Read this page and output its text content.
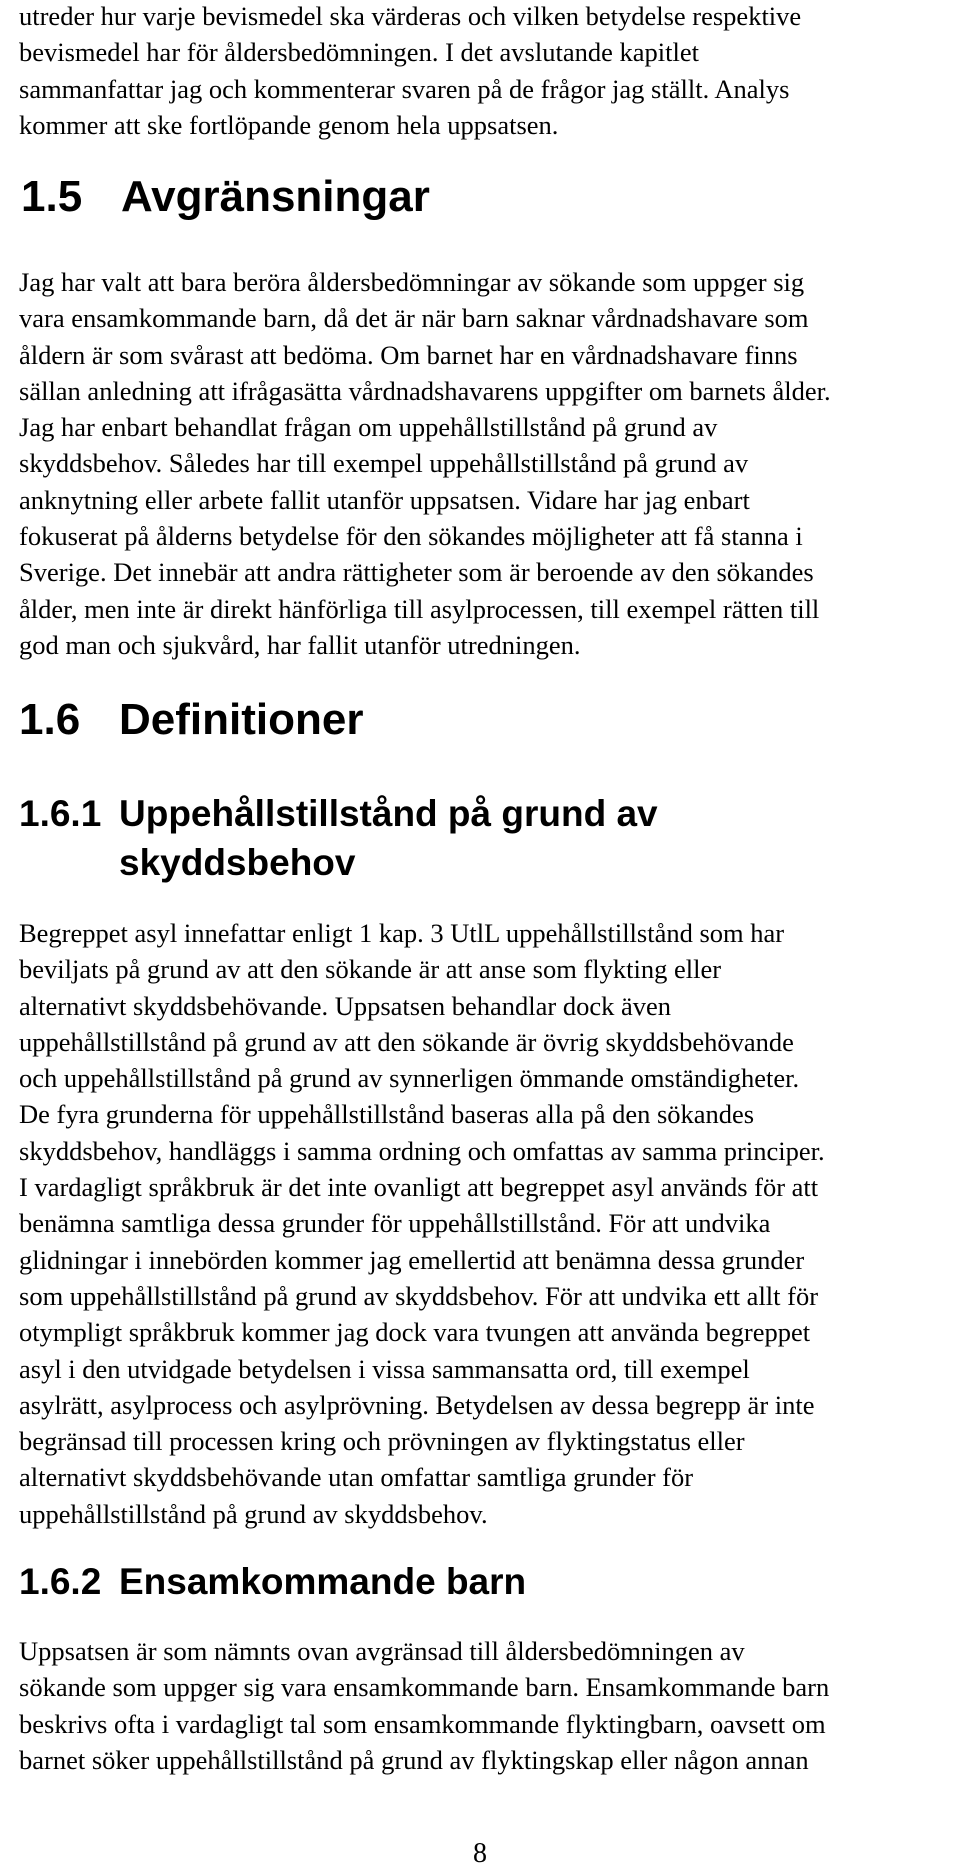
utreder hur varje bevismedel ska värderas och vilken betydelse respektive
bevismedel har för åldersbedömningen. I det avslutande kapitlet
sammanfattar jag och kommenterar svaren på de frågor jag ställt. Analys
kommer att ske fortlöpande genom hela uppsatsen.
1.5 Avgränsningar
Jag har valt att bara beröra åldersbedömningar av sökande som uppger sig
vara ensamkommande barn, då det är när barn saknar vårdnadshavare som
åldern är som svårast att bedöma. Om barnet har en vårdnadshavare finns
sällan anledning att ifrågasätta vårdnadshavarens uppgifter om barnets ålder.
Jag har enbart behandlat frågan om uppehållstillstånd på grund av
skyddsbehov. Således har till exempel uppehållstillstånd på grund av
anknytning eller arbete fallit utanför uppsatsen. Vidare har jag enbart
fokuserat på ålderns betydelse för den sökandes möjligheter att få stanna i
Sverige. Det innebär att andra rättigheter som är beroende av den sökandes
ålder, men inte är direkt hänförliga till asylprocessen, till exempel rätten till
god man och sjukvård, har fallit utanför utredningen.
1.6 Definitioner
1.6.1 Uppehållstillstånd på grund av
skyddsbehov
Begreppet asyl innefattar enligt 1 kap. 3 UtlL uppehållstillstånd som har
beviljats på grund av att den sökande är att anse som flykting eller
alternativt skyddsbehövande. Uppsatsen behandlar dock även
uppehållstillstånd på grund av att den sökande är övrig skyddsbehövande
och uppehållstillstånd på grund av synnerligen ömmande omständigheter.
De fyra grunderna för uppehållstillstånd baseras alla på den sökandes
skyddsbehov, handläggs i samma ordning och omfattas av samma principer.
I vardagligt språkbruk är det inte ovanligt att begreppet asyl används för att
benämna samtliga dessa grunder för uppehållstillstånd. För att undvika
glidningar i innebörden kommer jag emellertid att benämna dessa grunder
som uppehållstillstånd på grund av skyddsbehov. För att undvika ett allt för
otympligt språkbruk kommer jag dock vara tvungen att använda begreppet
asyl i den utvidgade betydelsen i vissa sammansatta ord, till exempel
asylrätt, asylprocess och asylprövning. Betydelsen av dessa begrepp är inte
begränsad till processen kring och prövningen av flyktingstatus eller
alternativt skyddsbehövande utan omfattar samtliga grunder för
uppehållstillstånd på grund av skyddsbehov.
1.6.2 Ensamkommande barn
Uppsatsen är som nämnts ovan avgränsad till åldersbedömningen av
sökande som uppger sig vara ensamkommande barn. Ensamkommande barn
beskrivs ofta i vardagligt tal som ensamkommande flyktingbarn, oavsett om
barnet söker uppehållstillstånd på grund av flyktingskap eller någon annan
8
